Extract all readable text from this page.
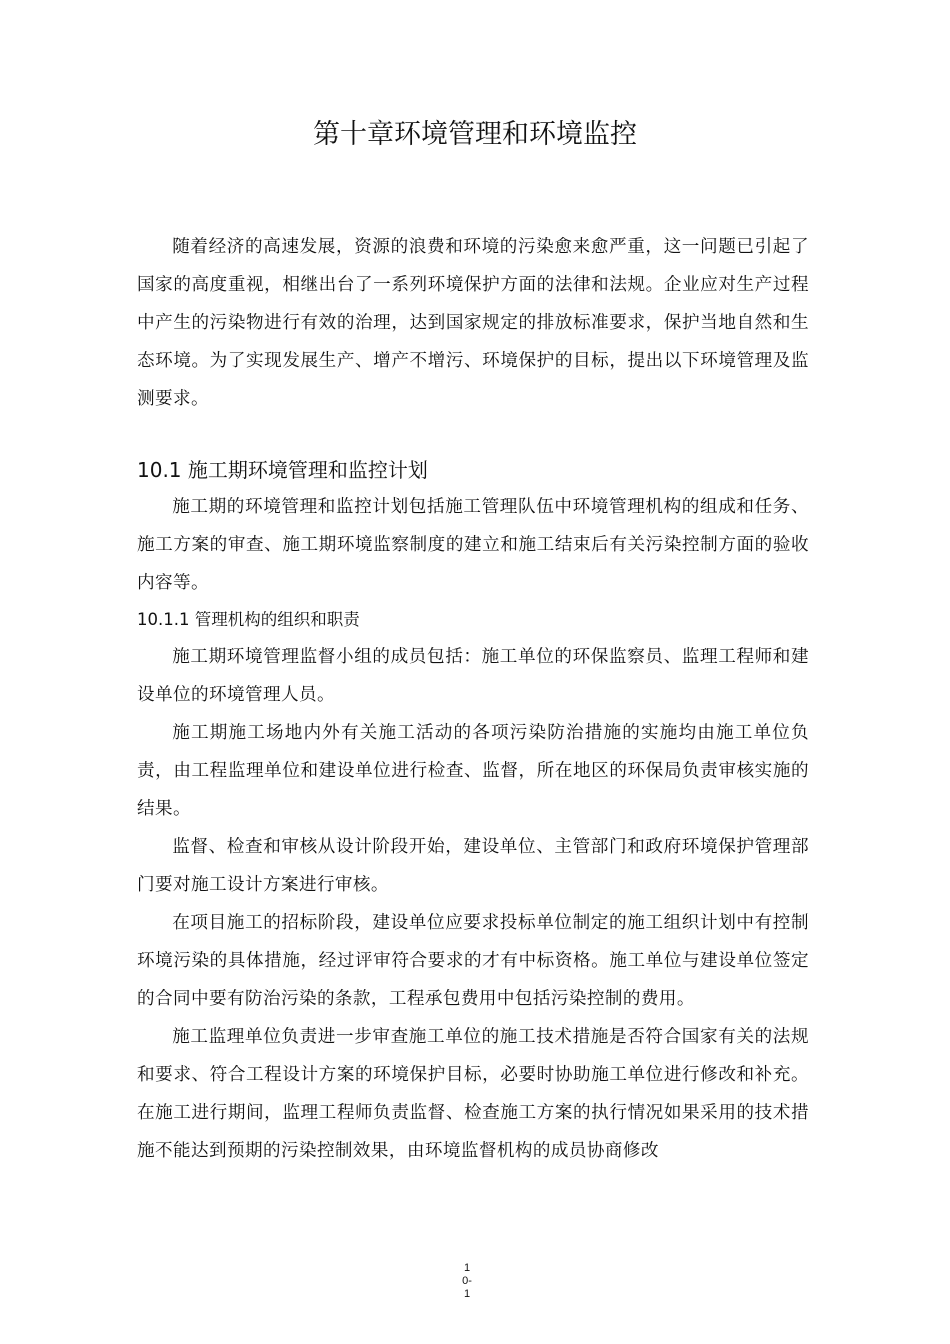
第十章环境管理和环境监控

随着经济的高速发展，资源的浪费和环境的污染愈来愈严重，这一问题已引起了国家的高度重视，相继出台了一系列环境保护方面的法律和法规。企业应对生产过程中产生的污染物进行有效的治理，达到国家规定的排放标准要求，保护当地自然和生态环境。为了实现发展生产、增产不增污、环境保护的目标，提出以下环境管理及监测要求。

10.1 施工期环境管理和监控计划

施工期的环境管理和监控计划包括施工管理队伍中环境管理机构的组成和任务、施工方案的审查、施工期环境监察制度的建立和施工结束后有关污染控制方面的验收内容等。

10.1.1 管理机构的组织和职责

施工期环境管理监督小组的成员包括：施工单位的环保监察员、监理工程师和建设单位的环境管理人员。

施工期施工场地内外有关施工活动的各项污染防治措施的实施均由施工单位负责，由工程监理单位和建设单位进行检查、监督，所在地区的环保局负责审核实施的结果。

监督、检查和审核从设计阶段开始，建设单位、主管部门和政府环境保护管理部门要对施工设计方案进行审核。

在项目施工的招标阶段，建设单位应要求投标单位制定的施工组织计划中有控制环境污染的具体措施，经过评审符合要求的才有中标资格。施工单位与建设单位签定的合同中要有防治污染的条款，工程承包费用中包括污染控制的费用。

施工监理单位负责进一步审查施工单位的施工技术措施是否符合国家有关的法规和要求、符合工程设计方案的环境保护目标，必要时协助施工单位进行修改和补充。在施工进行期间，监理工程师负责监督、检查施工方案的执行情况如果采用的技术措施不能达到预期的污染控制效果，由环境监督机构的成员协商修改

1
0-
1
